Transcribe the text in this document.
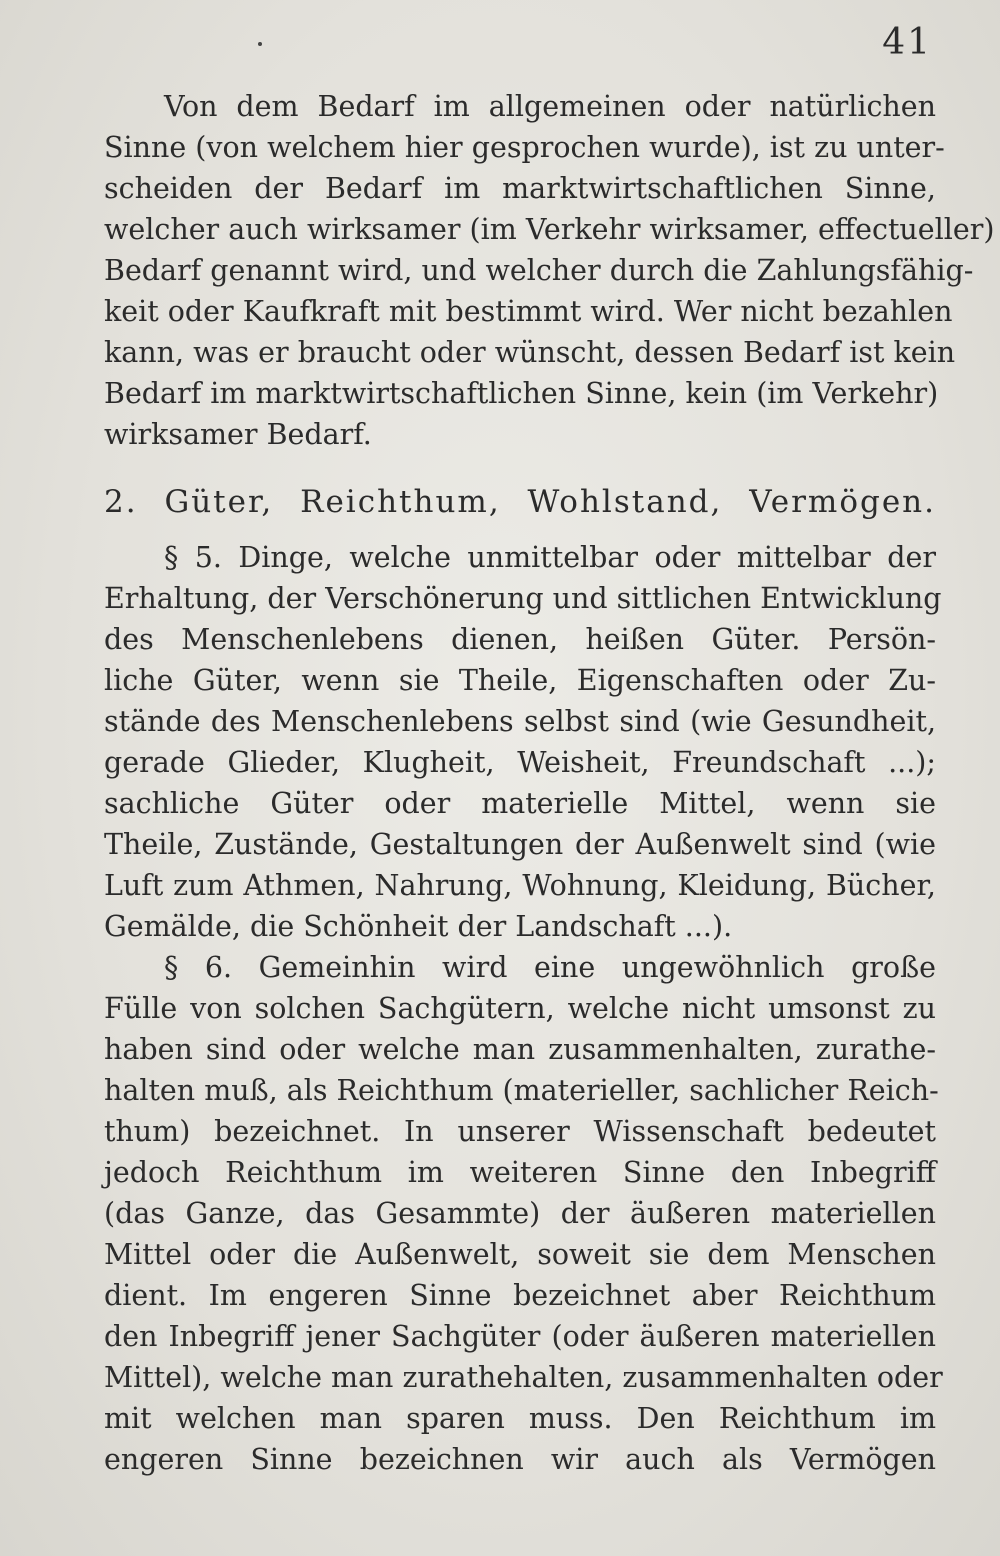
41
Von dem Bedarf im allgemeinen oder natürlichen
Sinne (von welchem hier gesprochen wurde), ist zu unter-
scheiden der Bedarf im marktwirtschaftlichen Sinne,
welcher auch wirksamer (im Verkehr wirksamer, effectueller)
Bedarf genannt wird, und welcher durch die Zahlungsfähig-
keit oder Kaufkraft mit bestimmt wird. Wer nicht bezahlen
kann, was er braucht oder wünscht, dessen Bedarf ist kein
Bedarf im marktwirtschaftlichen Sinne, kein (im Verkehr)
wirksamer Bedarf.
2. Güter, Reichthum, Wohlstand, Vermögen.
§ 5. Dinge, welche unmittelbar oder mittelbar der
Erhaltung, der Verschönerung und sittlichen Entwicklung
des Menschenlebens dienen, heißen Güter. Persön-
liche Güter, wenn sie Theile, Eigenschaften oder Zu-
stände des Menschenlebens selbst sind (wie Gesundheit,
gerade Glieder, Klugheit, Weisheit, Freundschaft ...);
sachliche Güter oder materielle Mittel, wenn sie
Theile, Zustände, Gestaltungen der Außenwelt sind (wie
Luft zum Athmen, Nahrung, Wohnung, Kleidung, Bücher,
Gemälde, die Schönheit der Landschaft ...).
§ 6. Gemeinhin wird eine ungewöhnlich große
Fülle von solchen Sachgütern, welche nicht umsonst zu
haben sind oder welche man zusammenhalten, zurathe-
halten muß, als Reichthum (materieller, sachlicher Reich-
thum) bezeichnet. In unserer Wissenschaft bedeutet
jedoch Reichthum im weiteren Sinne den Inbegriff
(das Ganze, das Gesammte) der äußeren materiellen
Mittel oder die Außenwelt, soweit sie dem Menschen
dient. Im engeren Sinne bezeichnet aber Reichthum
den Inbegriff jener Sachgüter (oder äußeren materiellen
Mittel), welche man zurathehalten, zusammenhalten oder
mit welchen man sparen muss. Den Reichthum im
engeren Sinne bezeichnen wir auch als Vermögen
